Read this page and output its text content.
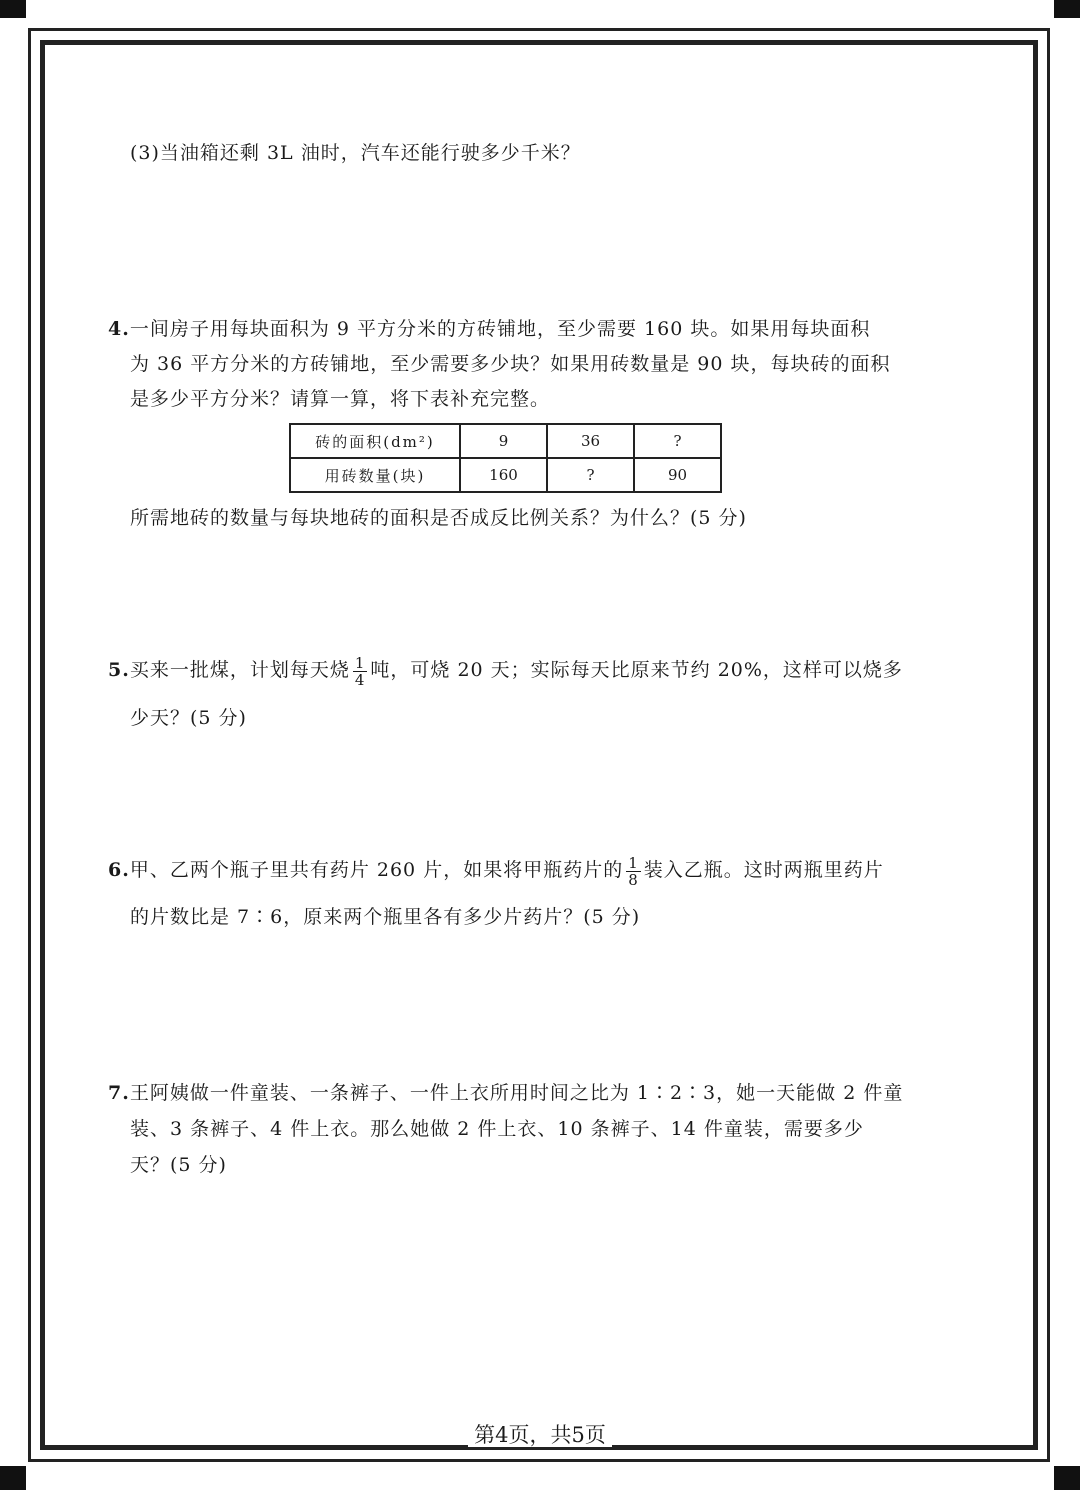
(3)当油箱还剩 3L 油时，汽车还能行驶多少千米？
4.一间房子用每块面积为 9 平方分米的方砖铺地，至少需要 160 块。如果用每块面积
为 36 平方分米的方砖铺地，至少需要多少块？如果用砖数量是 90 块，每块砖的面积
是多少平方分米？请算一算，将下表补充完整。
砖的面积(dm²)	9	36	?
用砖数量(块)	160	?	90
所需地砖的数量与每块地砖的面积是否成反比例关系？为什么？(5 分)
5.买来一批煤，计划每天烧 $\frac{1}{4}$ 吨，可烧 20 天；实际每天比原来节约 20%，这样可以烧多
少天？(5 分)
6.甲、乙两个瓶子里共有药片 260 片，如果将甲瓶药片的 $\frac{1}{8}$ 装入乙瓶。这时两瓶里药片
的片数比是 7∶6，原来两个瓶里各有多少片药片？(5 分)
7.王阿姨做一件童装、一条裤子、一件上衣所用时间之比为 1∶2∶3，她一天能做 2 件童
装、3 条裤子、4 件上衣。那么她做 2 件上衣、10 条裤子、14 件童装，需要多少
天？(5 分)
第4页，共5页
